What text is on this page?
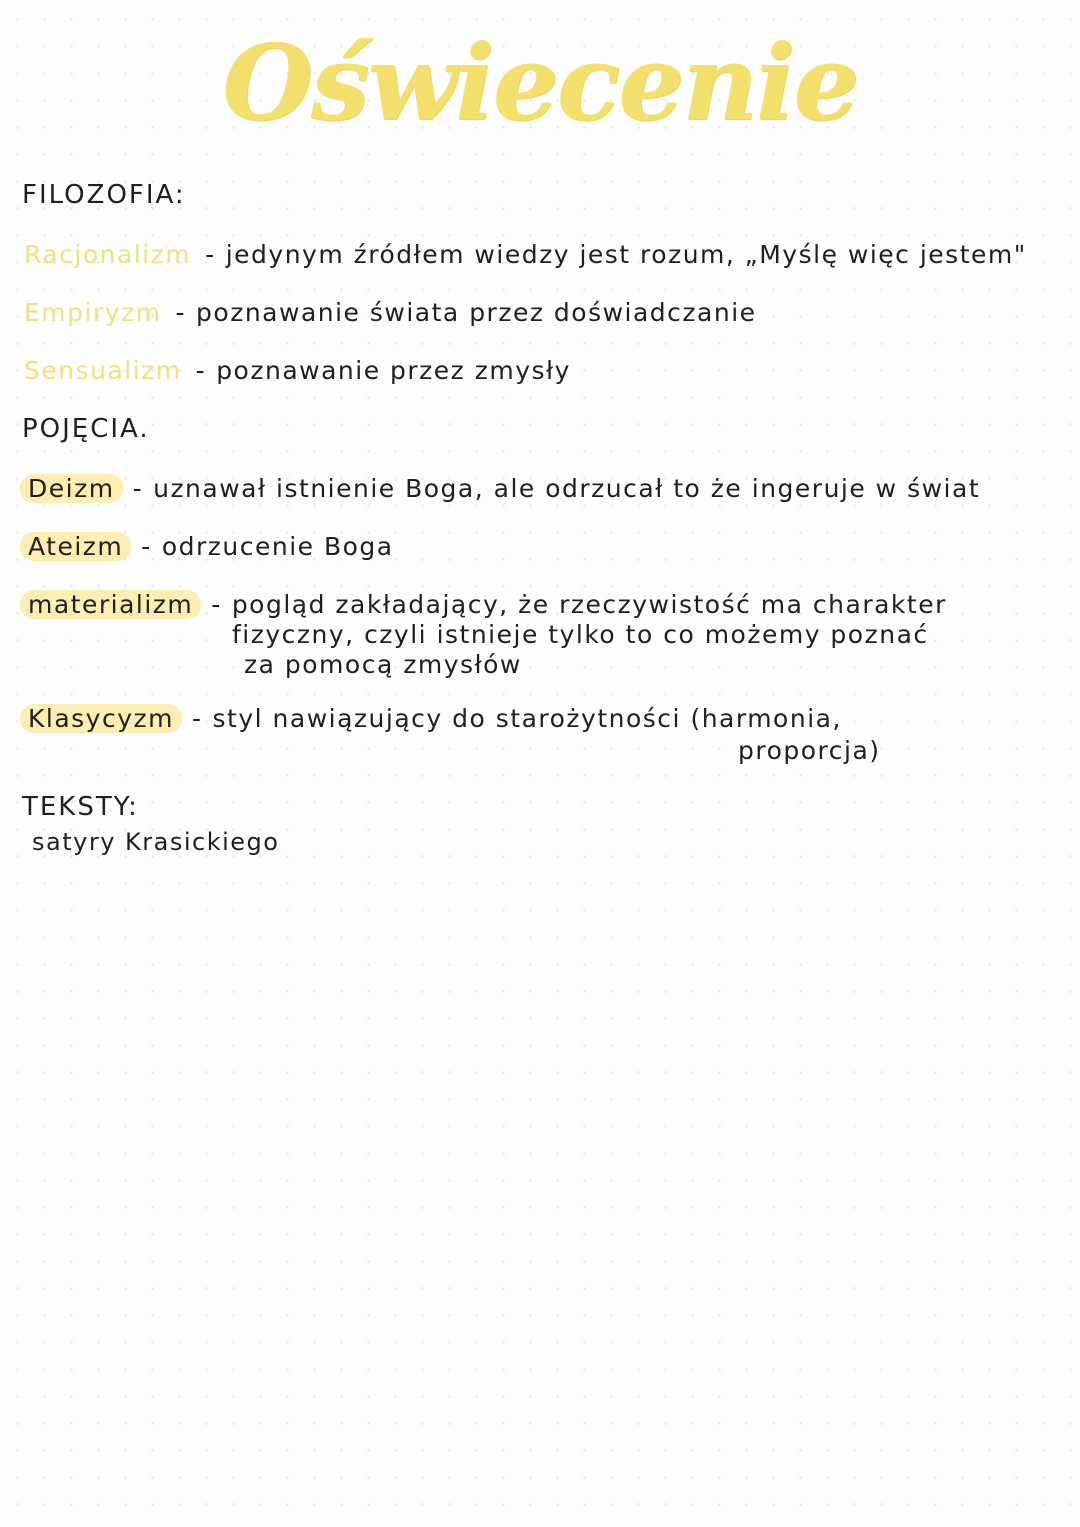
Oświecenie
FILOZOFIA:
Racjonalizm - jedynym źródłem wiedzy jest rozum, „Myślę więc jestem"
Empiryzm - poznawanie świata przez doświadczanie
Sensualizm - poznawanie przez zmysły
POJĘCIA.
Deizm - uznawał istnienie Boga, ale odrzucał to że ingeruje w świat
Ateizm - odrzucenie Boga
materializm - pogląd zakładający, że rzeczywistość ma charakter
fizyczny, czyli istnieje tylko to co możemy poznać
za pomocą zmysłów
Klasycyzm - styl nawiązujący do starożytności (harmonia,
proporcja)
TEKSTY:
satyry Krasickiego
